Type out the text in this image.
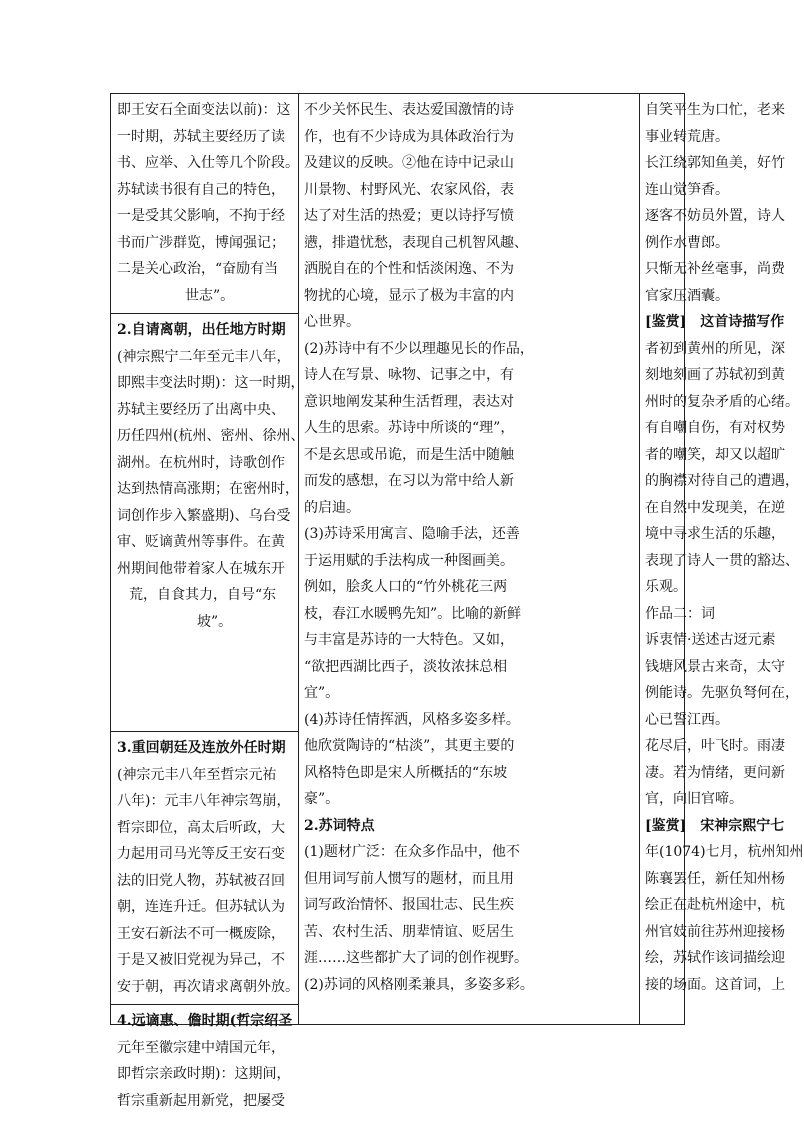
即王安石全面变法以前)：这
一时期，苏轼主要经历了读
书、应举、入仕等几个阶段。
苏轼读书很有自己的特色，
一是受其父影响，不拘于经
书而广涉群览，博闻强记；
二是关心政治，“奋励有当
世志”。
2.自请离朝，出任地方时期
(神宗熙宁二年至元丰八年，
即熙丰变法时期)：这一时期，
苏轼主要经历了出离中央、
历任四州(杭州、密州、徐州、
湖州。在杭州时，诗歌创作
达到热情高涨期；在密州时，
词创作步入繁盛期)、乌台受
审、贬谪黄州等事件。在黄
州期间他带着家人在城东开
荒，自食其力，自号“东
坡”。
3.重回朝廷及连放外任时期
(神宗元丰八年至哲宗元祐
八年)：元丰八年神宗驾崩，
哲宗即位，高太后听政，大
力起用司马光等反王安石变
法的旧党人物，苏轼被召回
朝，连连升迁。但苏轼认为
王安石新法不可一概废除，
于是又被旧党视为异己，不
安于朝，再次请求离朝外放。
4.远谪惠、儋时期(哲宗绍圣
元年至徽宗建中靖国元年，
即哲宗亲政时期)：这期间，
哲宗重新起用新党，把屡受
不少关怀民生、表达爱国激情的诗
作，也有不少诗成为具体政治行为
及建议的反映。②他在诗中记录山
川景物、村野风光、农家风俗，表
达了对生活的热爱；更以诗抒写愤
懑，排遣忧愁，表现自己机智风趣、
洒脱自在的个性和恬淡闲逸、不为
物扰的心境，显示了极为丰富的内
心世界。
(2)苏诗中有不少以理趣见长的作品，
诗人在写景、咏物、记事之中，有
意识地阐发某种生活哲理，表达对
人生的思索。苏诗中所谈的“理”，
不是玄思或吊诡，而是生活中随触
而发的感想，在习以为常中给人新
的启迪。
(3)苏诗采用寓言、隐喻手法，还善
于运用赋的手法构成一种图画美。
例如，脍炙人口的“竹外桃花三两
枝，春江水暖鸭先知”。比喻的新鲜
与丰富是苏诗的一大特色。又如，
“欲把西湖比西子，淡妆浓抹总相
宜”。
(4)苏诗任情挥洒，风格多姿多样。
他欣赏陶诗的“枯淡”，其更主要的
风格特色即是宋人所概括的“东坡
豪”。
2.苏词特点
(1)题材广泛：在众多作品中，他不
但用词写前人惯写的题材，而且用
词写政治情怀、报国壮志、民生疾
苦、农村生活、朋辈情谊、贬居生
涯……这些都扩大了词的创作视野。
(2)苏词的风格刚柔兼具，多姿多彩。
自笑平生为口忙，老来
事业转荒唐。
长江绕郭知鱼美，好竹
连山觉笋香。
逐客不妨员外置，诗人
例作水曹郎。
只惭无补丝毫事，尚费
官家压酒囊。
[鉴赏]　这首诗描写作
者初到黄州的所见，深
刻地刻画了苏轼初到黄
州时的复杂矛盾的心绪。
有自嘲自伤，有对权势
者的嘲笑，却又以超旷
的胸襟对待自己的遭遇，
在自然中发现美，在逆
境中寻求生活的乐趣，
表现了诗人一贯的豁达、
乐观。
作品二：词
诉衷情·送述古迓元素
钱塘风景古来奇，太守
例能诗。先驱负弩何在，
心已誓江西。
花尽后，叶飞时。雨凄
凄。若为情绪，更问新
官，向旧官啼。
[鉴赏]　宋神宗熙宁七
年(1074)七月，杭州知州
陈襄罢任，新任知州杨
绘正在赴杭州途中，杭
州官妓前往苏州迎接杨
绘，苏轼作该词描绘迎
接的场面。这首词，上
